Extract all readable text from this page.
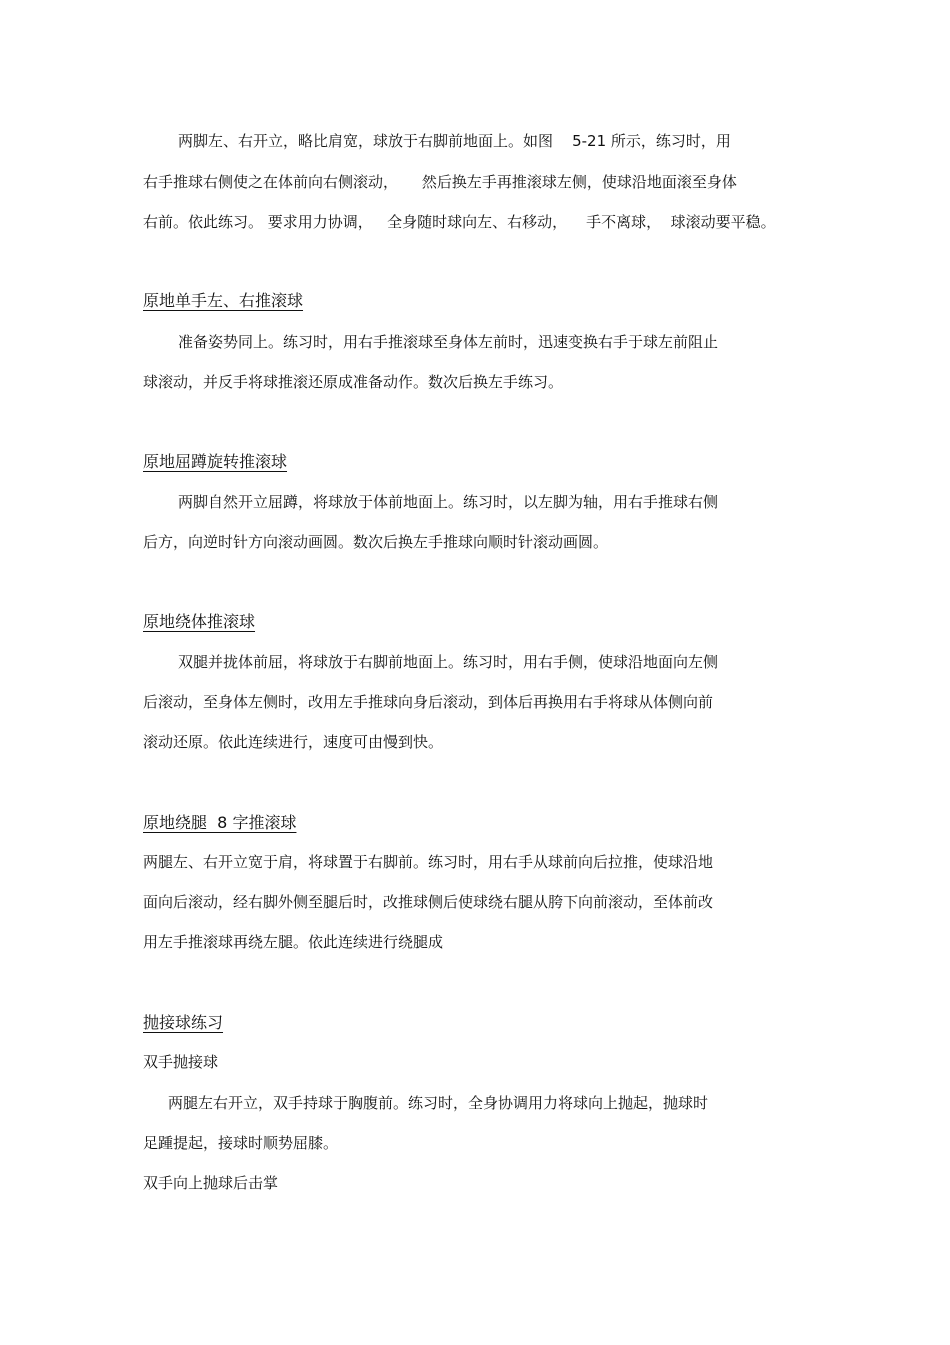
两脚左、右开立，略比肩宽，球放于右脚前地面上。如图    5-21 所示，练习时，用

右手推球右侧使之在体前向右侧滚动，     然后换左手再推滚球左侧，使球沿地面滚至身体

右前。依此练习。 要求用力协调，   全身随时球向左、右移动，    手不离球，  球滚动要平稳。

原地单手左、右推滚球

准备姿势同上。练习时，用右手推滚球至身体左前时，迅速变换右手于球左前阻止

球滚动，并反手将球推滚还原成准备动作。数次后换左手练习。

原地屈蹲旋转推滚球

两脚自然开立屈蹲，将球放于体前地面上。练习时，以左脚为轴，用右手推球右侧

后方，向逆时针方向滚动画圆。数次后换左手推球向顺时针滚动画圆。

原地绕体推滚球

双腿并拢体前屈，将球放于右脚前地面上。练习时，用右手侧，使球沿地面向左侧

后滚动，至身体左侧时，改用左手推球向身后滚动，到体后再换用右手将球从体侧向前

滚动还原。依此连续进行，速度可由慢到快。

原地绕腿  8 字推滚球

两腿左、右开立宽于肩，将球置于右脚前。练习时，用右手从球前向后拉推，使球沿地

面向后滚动，经右脚外侧至腿后时，改推球侧后使球绕右腿从胯下向前滚动，至体前改

用左手推滚球再绕左腿。依此连续进行绕腿成

抛接球练习

双手抛接球

两腿左右开立，双手持球于胸腹前。练习时，全身协调用力将球向上抛起，抛球时

足踵提起，接球时顺势屈膝。

双手向上抛球后击掌
